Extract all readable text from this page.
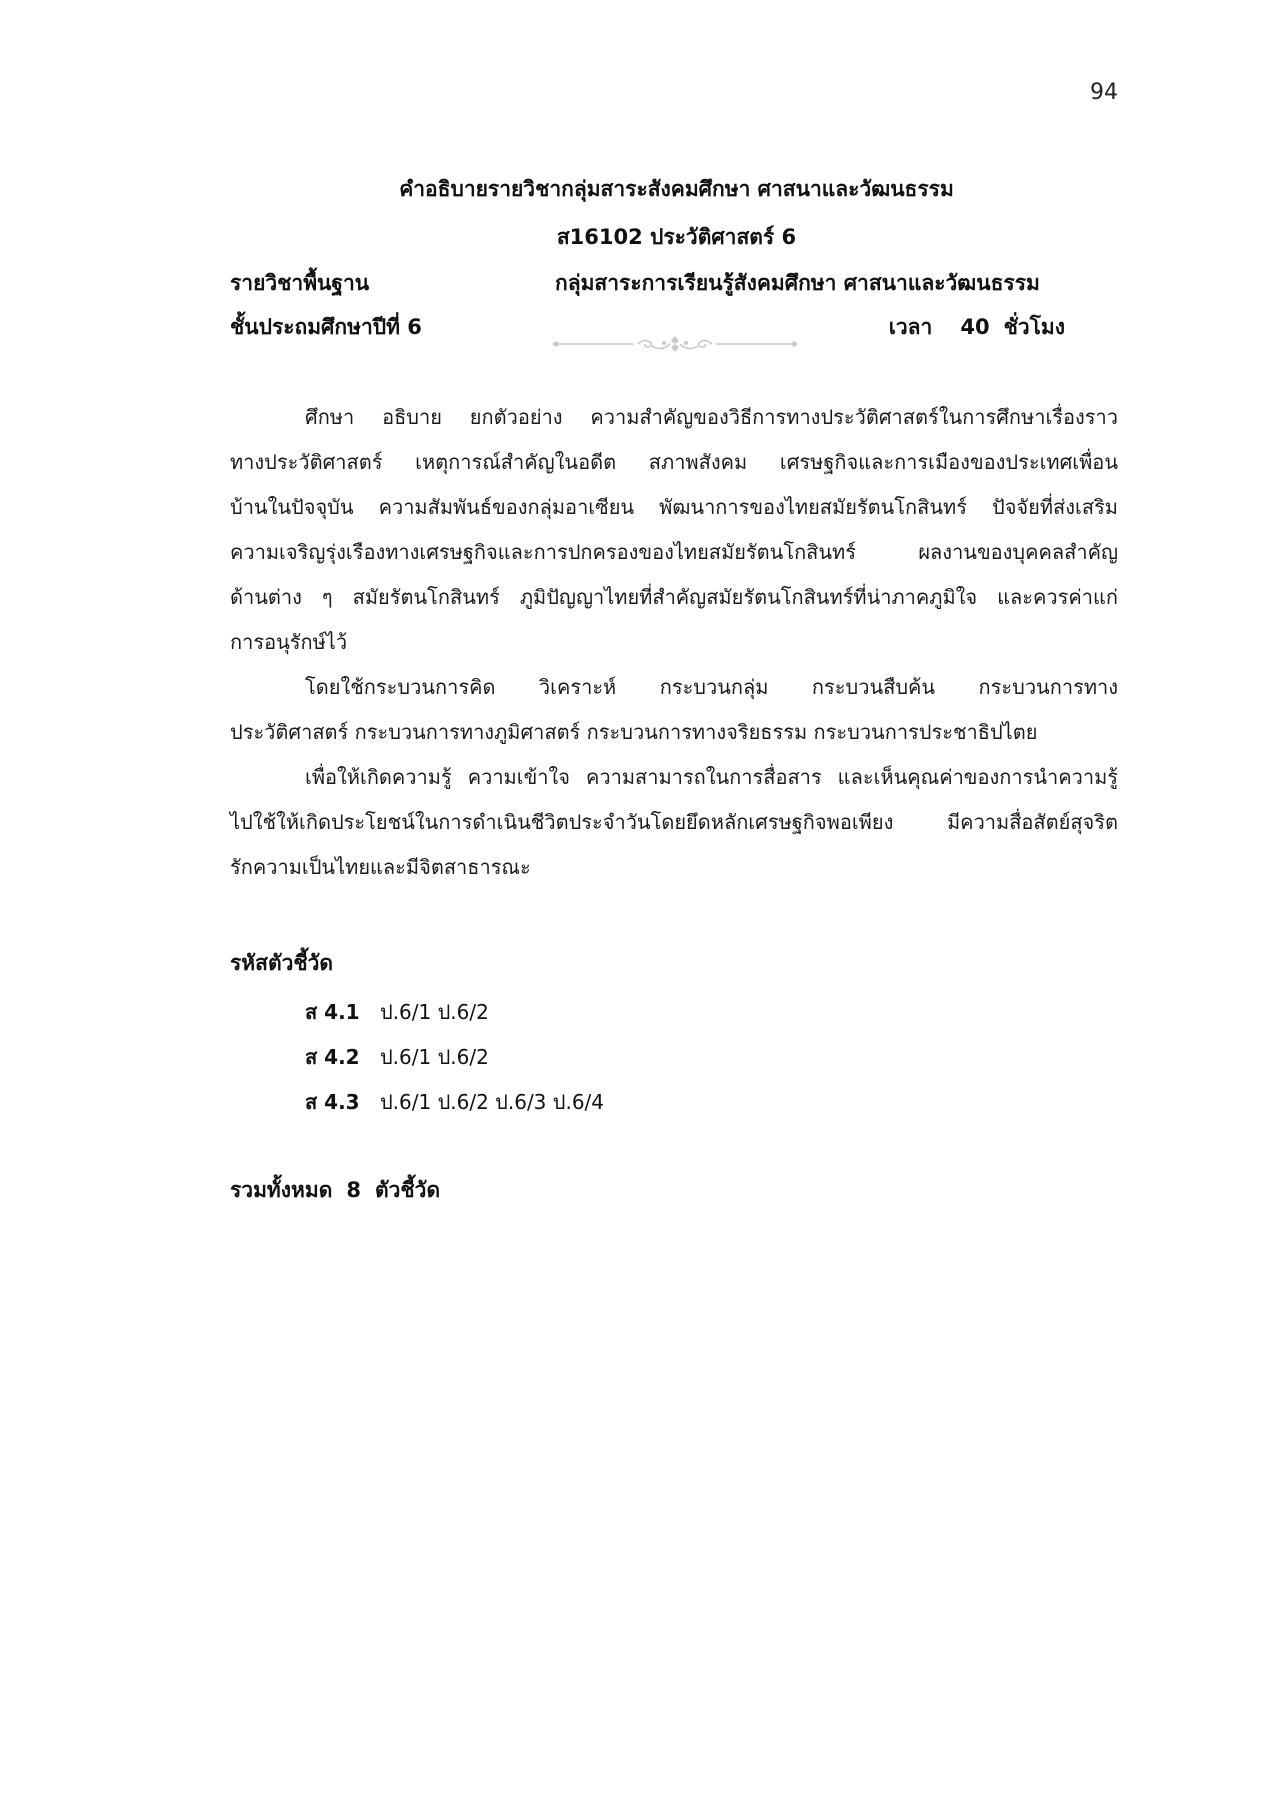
94
คำอธิบายรายวิชากลุ่มสาระสังคมศึกษา ศาสนาและวัฒนธรรม
ส16102 ประวัติศาสตร์ 6
รายวิชาพื้นฐาน	กลุ่มสาระการเรียนรู้สังคมศึกษา ศาสนาและวัฒนธรรม
ชั้นประถมศึกษาปีที่ 6	เวลา 40 ชั่วโมง
ศึกษา อธิบาย ยกตัวอย่าง ความสำคัญของวิธีการทางประวัติศาสตร์ในการศึกษาเรื่องราว
ทางประวัติศาสตร์ เหตุการณ์สำคัญในอดีต สภาพสังคม เศรษฐกิจและการเมืองของประเทศเพื่อน
บ้านในปัจจุบัน ความสัมพันธ์ของกลุ่มอาเซียน พัฒนาการของไทยสมัยรัตนโกสินทร์ ปัจจัยที่ส่งเสริม
ความเจริญรุ่งเรืองทางเศรษฐกิจและการปกครองของไทยสมัยรัตนโกสินทร์ ผลงานของบุคคลสำคัญ
ด้านต่าง ๆ สมัยรัตนโกสินทร์ ภูมิปัญญาไทยที่สำคัญสมัยรัตนโกสินทร์ที่น่าภาคภูมิใจ และควรค่าแก่
การอนุรักษ์ไว้
โดยใช้กระบวนการคิด วิเคราะห์ กระบวนกลุ่ม กระบวนสืบค้น กระบวนการทาง
ประวัติศาสตร์ กระบวนการทางภูมิศาสตร์ กระบวนการทางจริยธรรม กระบวนการประชาธิปไตย
เพื่อให้เกิดความรู้ ความเข้าใจ ความสามารถในการสื่อสาร และเห็นคุณค่าของการนำความรู้
ไปใช้ให้เกิดประโยชน์ในการดำเนินชีวิตประจำวันโดยยึดหลักเศรษฐกิจพอเพียง มีความสื่อสัตย์สุจริต
รักความเป็นไทยและมีจิตสาธารณะ
รหัสตัวชี้วัด
ส 4.1 ป.6/1 ป.6/2
ส 4.2 ป.6/1 ป.6/2
ส 4.3 ป.6/1 ป.6/2 ป.6/3 ป.6/4
รวมทั้งหมด 8 ตัวชี้วัด
